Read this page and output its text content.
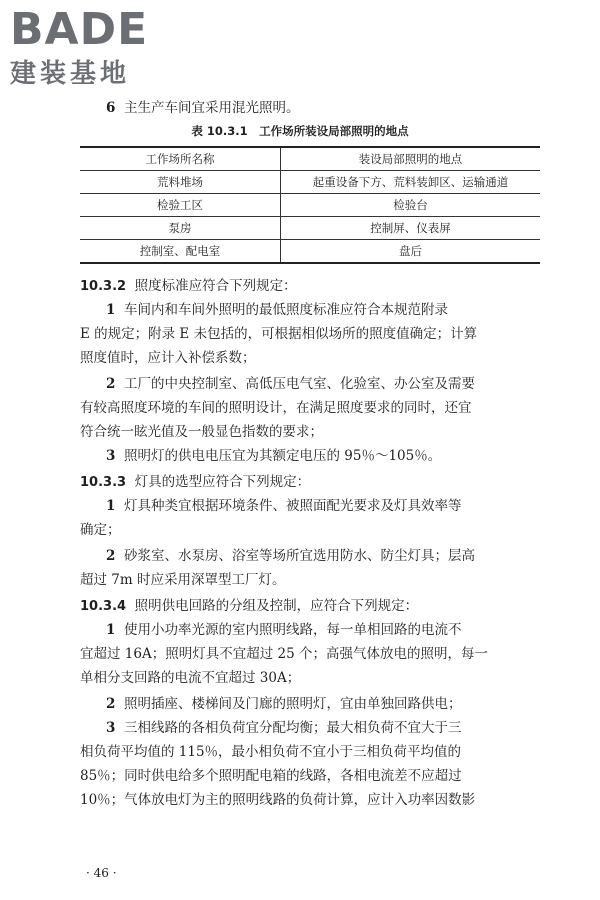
BADE
建装基地
6 主生产车间宜采用混光照明。
表 10.3.1　工作场所装设局部照明的地点
工作场所名称	装设局部照明的地点
荒料堆场	起重设备下方、荒料装卸区、运输通道
检验工区	检验台
泵房	控制屏、仪表屏
控制室、配电室	盘后
10.3.2 照度标准应符合下列规定：
1 车间内和车间外照明的最低照度标准应符合本规范附录
E 的规定；附录 E 未包括的，可根据相似场所的照度值确定；计算
照度值时，应计入补偿系数；
2 工厂的中央控制室、高低压电气室、化验室、办公室及需要
有较高照度环境的车间的照明设计，在满足照度要求的同时，还宜
符合统一眩光值及一般显色指数的要求；
3 照明灯的供电电压宜为其额定电压的 95％～105％。
10.3.3 灯具的选型应符合下列规定：
1 灯具种类宜根据环境条件、被照面配光要求及灯具效率等
确定；
2 砂浆室、水泵房、浴室等场所宜选用防水、防尘灯具；层高
超过 7m 时应采用深罩型工厂灯。
10.3.4 照明供电回路的分组及控制，应符合下列规定：
1 使用小功率光源的室内照明线路，每一单相回路的电流不
宜超过 16A；照明灯具不宜超过 25 个；高强气体放电的照明，每一
单相分支回路的电流不宜超过 30A；
2 照明插座、楼梯间及门廊的照明灯，宜由单独回路供电；
3 三相线路的各相负荷宜分配均衡；最大相负荷不宜大于三
相负荷平均值的 115％，最小相负荷不宜小于三相负荷平均值的
85％；同时供电给多个照明配电箱的线路，各相电流差不应超过
10％；气体放电灯为主的照明线路的负荷计算，应计入功率因数影
· 46 ·
